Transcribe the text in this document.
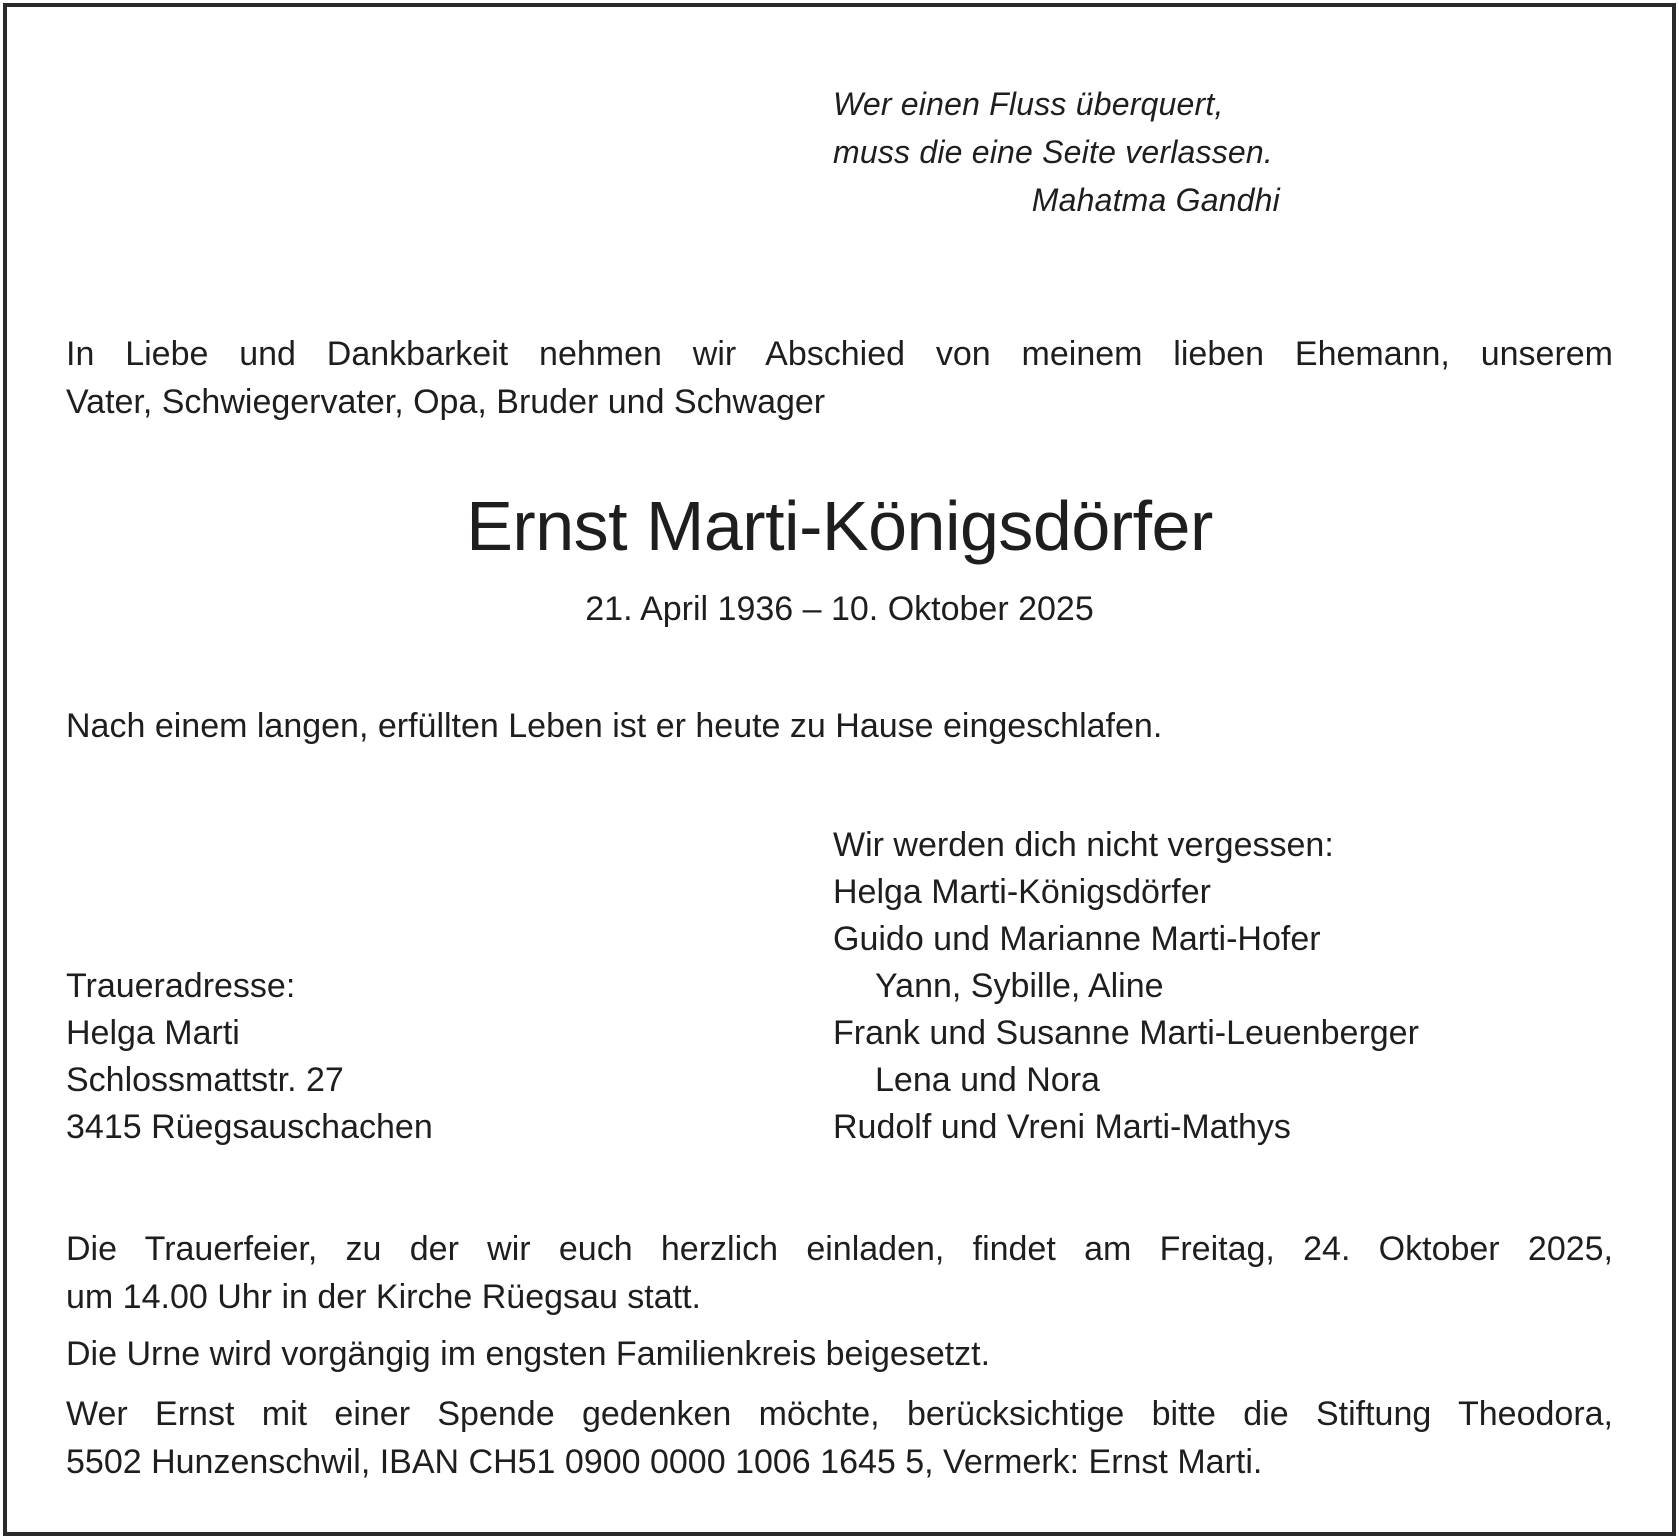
Wer einen Fluss überquert,
muss die eine Seite verlassen.
Mahatma Gandhi
In Liebe und Dankbarkeit nehmen wir Abschied von meinem lieben Ehemann, unserem
Vater, Schwiegervater, Opa, Bruder und Schwager
Ernst Marti-Königsdörfer
21. April 1936 – 10. Oktober 2025
Nach einem langen, erfüllten Leben ist er heute zu Hause eingeschlafen.
Wir werden dich nicht vergessen:
Helga Marti-Königsdörfer
Guido und Marianne Marti-Hofer
Yann, Sybille, Aline
Frank und Susanne Marti-Leuenberger
Lena und Nora
Rudolf und Vreni Marti-Mathys
Traueradresse:
Helga Marti
Schlossmattstr. 27
3415 Rüegsauschachen
Die Trauerfeier, zu der wir euch herzlich einladen, findet am Freitag, 24. Oktober 2025,
um 14.00 Uhr in der Kirche Rüegsau statt.
Die Urne wird vorgängig im engsten Familienkreis beigesetzt.
Wer Ernst mit einer Spende gedenken möchte, berücksichtige bitte die Stiftung Theodora,
5502 Hunzenschwil, IBAN CH51 0900 0000 1006 1645 5, Vermerk: Ernst Marti.
